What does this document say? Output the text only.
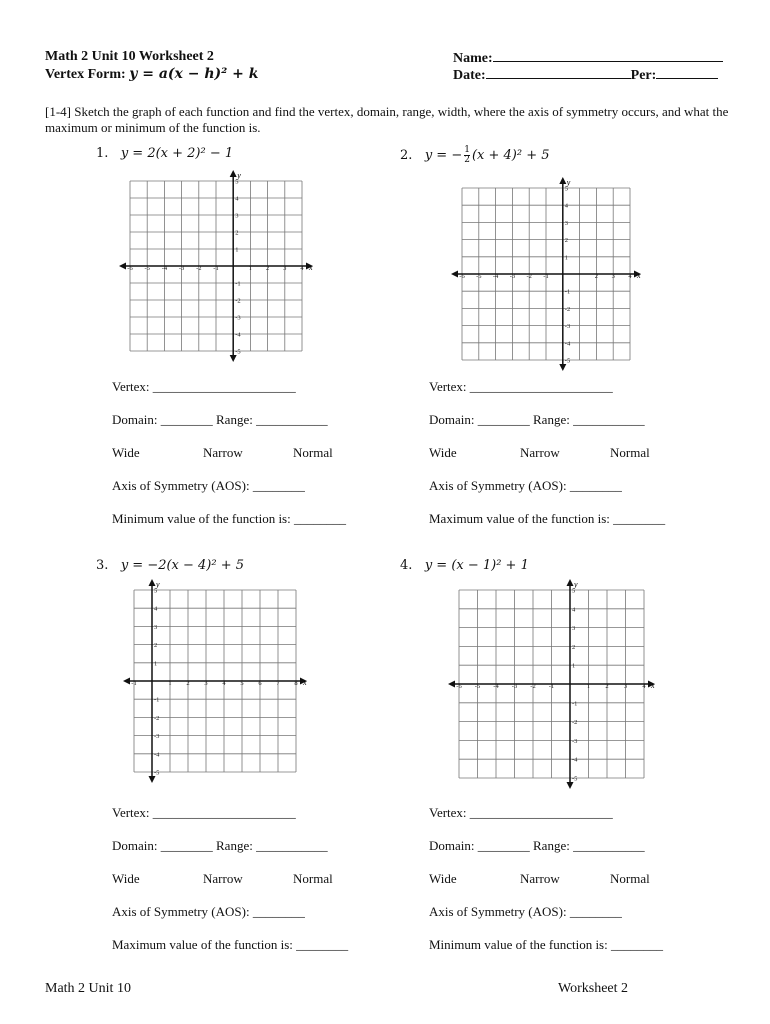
Math 2 Unit 10 Worksheet 2
Vertex Form: y = a(x − h)² + k
Name:
Date:	Per:
[1-4] Sketch the graph of each function and find the vertex, domain, range, width, where the axis of symmetry occurs, and what the maximum or minimum of the function is.
1. y = 2(x + 2)² − 1
x
y
-6 -5 -4 -3 -2 -1	1 2 3 4
5
4
3
2
1
-1
-2
-3
-4
-5
2. y = − $\frac{1}{2} (x + 4)^2 + 5$
x
y
-6 -5 -4 -3 -2 -1	2 3 4
5
4
3
2
1
-1
-2
-3
-4
-5
3. y = −2(x − 4)² + 5
x
y
-1	1 2 3 4 5 6 7 8
5
4
3
2
1
-1
-2
-3
-4
-5
4. y = (x − 1)² + 1
x
y
-6 -5 -4 -3 -2 -1	1 2 3 4
5
4
3
2
1
-1
-2
-3
-4
-5
Vertex: ______________________
Domain: ________ Range: ___________
Wide	Narrow	Normal
Axis of Symmetry (AOS): ________
Minimum value of the function is: ________
Vertex: ______________________
Domain: ________ Range: ___________
Wide	Narrow	Normal
Axis of Symmetry (AOS): ________
Maximum value of the function is: ________
Vertex: ______________________
Domain: ________ Range: ___________
Wide	Narrow	Normal
Axis of Symmetry (AOS): ________
Maximum value of the function is: ________
Vertex: ______________________
Domain: ________ Range: ___________
Wide	Narrow	Normal
Axis of Symmetry (AOS): ________
Minimum value of the function is: ________
Math 2 Unit 10	Worksheet 2
